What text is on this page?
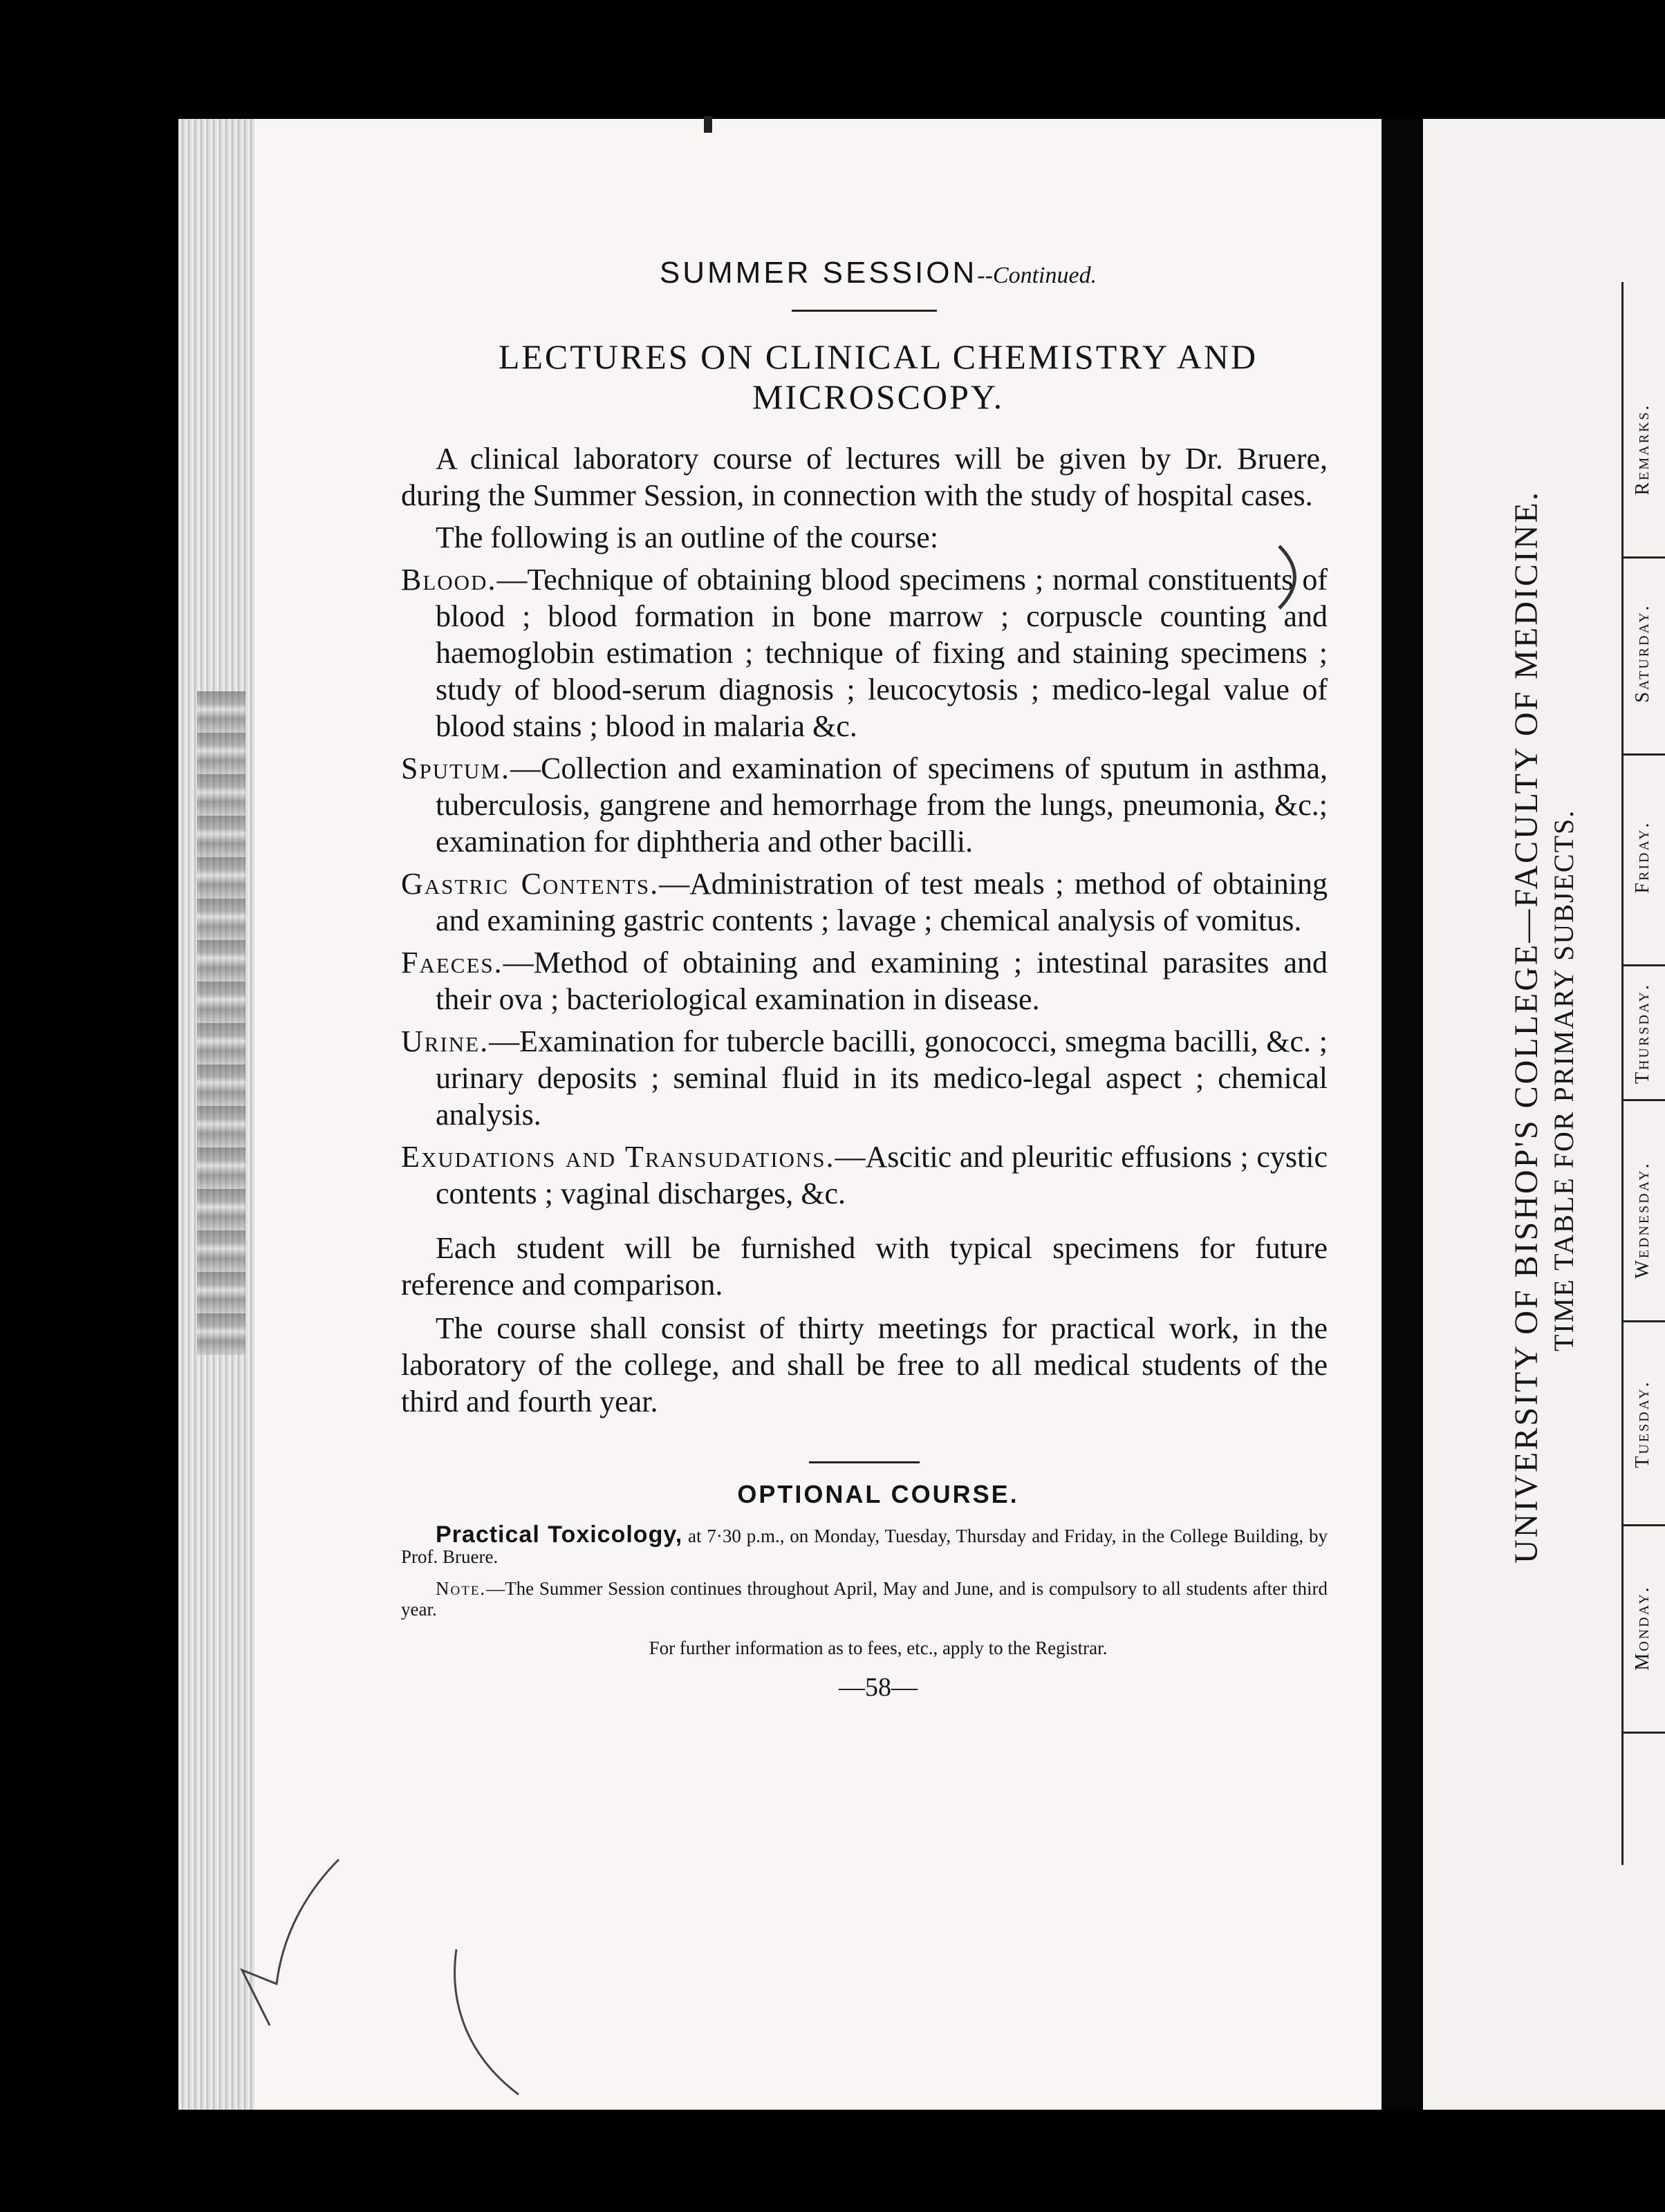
SUMMER SESSION--Continued.
LECTURES ON CLINICAL CHEMISTRY AND
MICROSCOPY.

A clinical laboratory course of lectures will be given by Dr. Bruere, during the Summer Session, in connection with the study of hospital cases.

The following is an outline of the course:

Blood.—Technique of obtaining blood specimens ; normal constituents of blood ; blood formation in bone marrow ; corpuscle counting and haemoglobin estimation ; technique of fixing and staining specimens ; study of blood-serum diagnosis ; leucocytosis ; medico-legal value of blood stains ; blood in malaria &c.

Sputum.—Collection and examination of specimens of sputum in asthma, tuberculosis, gangrene and hemorrhage from the lungs, pneumonia, &c.; examination for diphtheria and other bacilli.

Gastric Contents.—Administration of test meals ; method of obtaining and examining gastric contents ; lavage ; chemical analysis of vomitus.

Faeces.—Method of obtaining and examining ; intestinal parasites and their ova ; bacteriological examination in disease.

Urine.—Examination for tubercle bacilli, gonococci, smegma bacilli, &c. ; urinary deposits ; seminal fluid in its medico-legal aspect ; chemical analysis.

Exudations and Transudations.—Ascitic and pleuritic effusions ; cystic contents ; vaginal discharges, &c.

Each student will be furnished with typical specimens for future reference and comparison.

The course shall consist of thirty meetings for practical work, in the laboratory of the college, and shall be free to all medical students of the third and fourth year.

OPTIONAL COURSE.

Practical Toxicology, at 7·30 p.m., on Monday, Tuesday, Thursday and Friday, in the College Building, by Prof. Bruere.

Note.—The Summer Session continues throughout April, May and June, and is compulsory to all students after third year.

For further information as to fees, etc., apply to the Registrar.

—58—
UNIVERSITY OF BISHOP'S COLLEGE—FACULTY OF MEDICINE. TIME TABLE FOR PRIMARY SUBJECTS.
Monday.
Tuesday.
Wednesday.
Thursday.
Friday.
Saturday.
Remarks.
